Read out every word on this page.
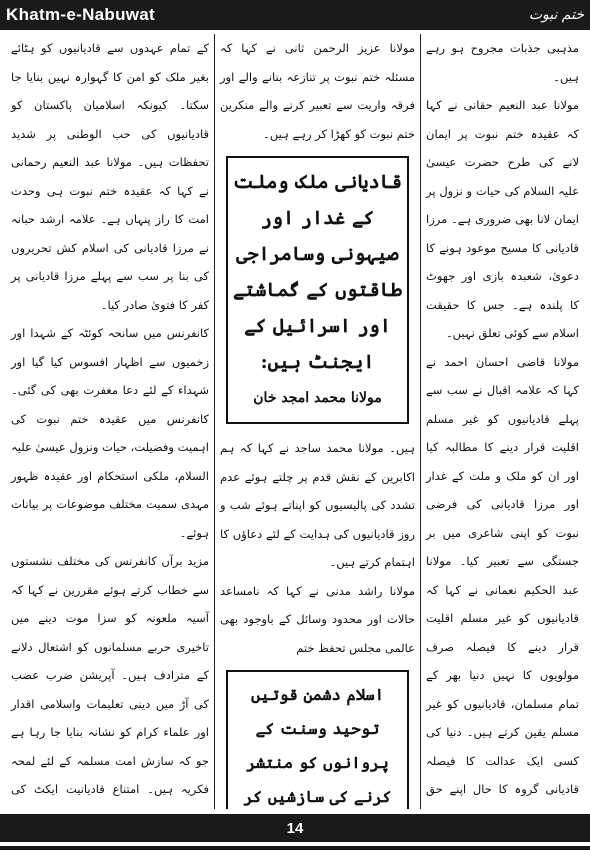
Khatm-e-Nabuwat	ختم نبوت

مذہبی جذبات مجروح ہو رہے ہیں۔

مولانا عبد النعیم حقانی نے کہا کہ عقیدہ ختم نبوت پر ایمان لانے کی طرح حضرت عیسیٰ علیہ السلام کی حیات و نزول پر ایمان لانا بھی ضروری ہے۔ مرزا قادیانی کا مسیح موعود ہونے کا دعویٰ، شعبدہ بازی اور جھوٹ کا پلندہ ہے۔ جس کا حقیقت اسلام سے کوئی تعلق نہیں۔

مولانا قاضی احسان احمد نے کہا کہ علامہ اقبال نے سب سے پہلے قادیانیوں کو غیر مسلم اقلیت قرار دینے کا مطالبہ کیا اور ان کو ملک و ملت کے غدار اور مرزا قادیانی کی فرضی نبوت کو اپنی شاعری میں بر جستگی سے تعبیر کیا۔ مولانا عبد الحکیم نعمانی نے کہا کہ قادیانیوں کو غیر مسلم اقلیت قرار دینے کا فیصلہ صرف مولویوں کا نہیں دنیا بھر کے تمام مسلمان، قادیانیوں کو غیر مسلم یقین کرتے ہیں۔ دنیا کی کسی ایک عدالت کا فیصلہ قادیانی گروہ کا حال اپنے حق

مولانا عزیز الرحمن ثانی نے کہا کہ مسئلہ ختم نبوت پر تنازعہ بنانے والے اور فرقہ واریت سے تعبیر کرنے والے منکرین ختم نبوت کو کھڑا کر رہے ہیں۔

قادیانی ملک وملت کے غدار اور صیہونی وسامراجی طاقتوں کے گماشتے اور اسرائیل کے ایجنٹ ہیں:
مولانا محمد امجد خان

ہیں۔ مولانا محمد ساجد نے کہا کہ ہم اکابرین کے نقش قدم پر چلتے ہوئے عدم تشدد کی پالیسیوں کو اپناتے ہوئے شب و روز قادیانیوں کی ہدایت کے لئے دعاؤں کا اہتمام کرتے ہیں۔

مولانا راشد مدنی نے کہا کہ نامساعد حالات اور محدود وسائل کے باوجود بھی عالمی مجلس تحفظ ختم

اسلام دشمن قوتیں توحید وسنت کے پروانوں کو منتشر کرنے کی سازشیں کر

کے تمام عہدوں سے قادیانیوں کو ہٹائے بغیر ملک کو امن کا گہوارہ نہیں بنایا جا سکتا۔ کیونکہ اسلامیان پاکستان کو قادیانیوں کی حب الوطنی پر شدید تحفظات ہیں۔ مولانا عبد النعیم رحمانی نے کہا کہ عقیدہ ختم نبوت ہی وحدت امت کا راز پنہاں ہے۔ علامہ ارشد حبانہ نے مرزا قادیانی کی اسلام کش تحریروں کی بنا پر سب سے پہلے مرزا قادیانی پر کفر کا فتویٰ صادر کیا۔

کانفرنس میں سانحہ کوئٹہ کے شہدا اور زخمیوں سے اظہار افسوس کیا گیا اور شہداء کے لئے دعا مغفرت بھی کی گئی۔ کانفرنس میں عقیدہ ختم نبوت کی اہمیت وفضیلت، حیات ونزول عیسیٰ علیہ السلام، ملکی استحکام اور عقیدہ ظہور مہدی سمیت مختلف موضوعات پر بیانات ہوئے۔

مزید برآں کانفرنس کی مختلف نشستوں سے خطاب کرتے ہوئے مقررین نے کہا کہ آسیہ ملعونہ کو سزا موت دینے میں تاخیری حربے مسلمانوں کو اشتعال دلانے کے مترادف ہیں۔ آپریشن ضرب عضب کی آڑ میں دینی تعلیمات واسلامی اقدار اور علماء کرام کو نشانہ بنایا جا رہا ہے جو کہ سازش امت مسلمہ کے لئے لمحہ فکریہ ہیں۔ امتناع قادیانیت ایکٹ کی

14
